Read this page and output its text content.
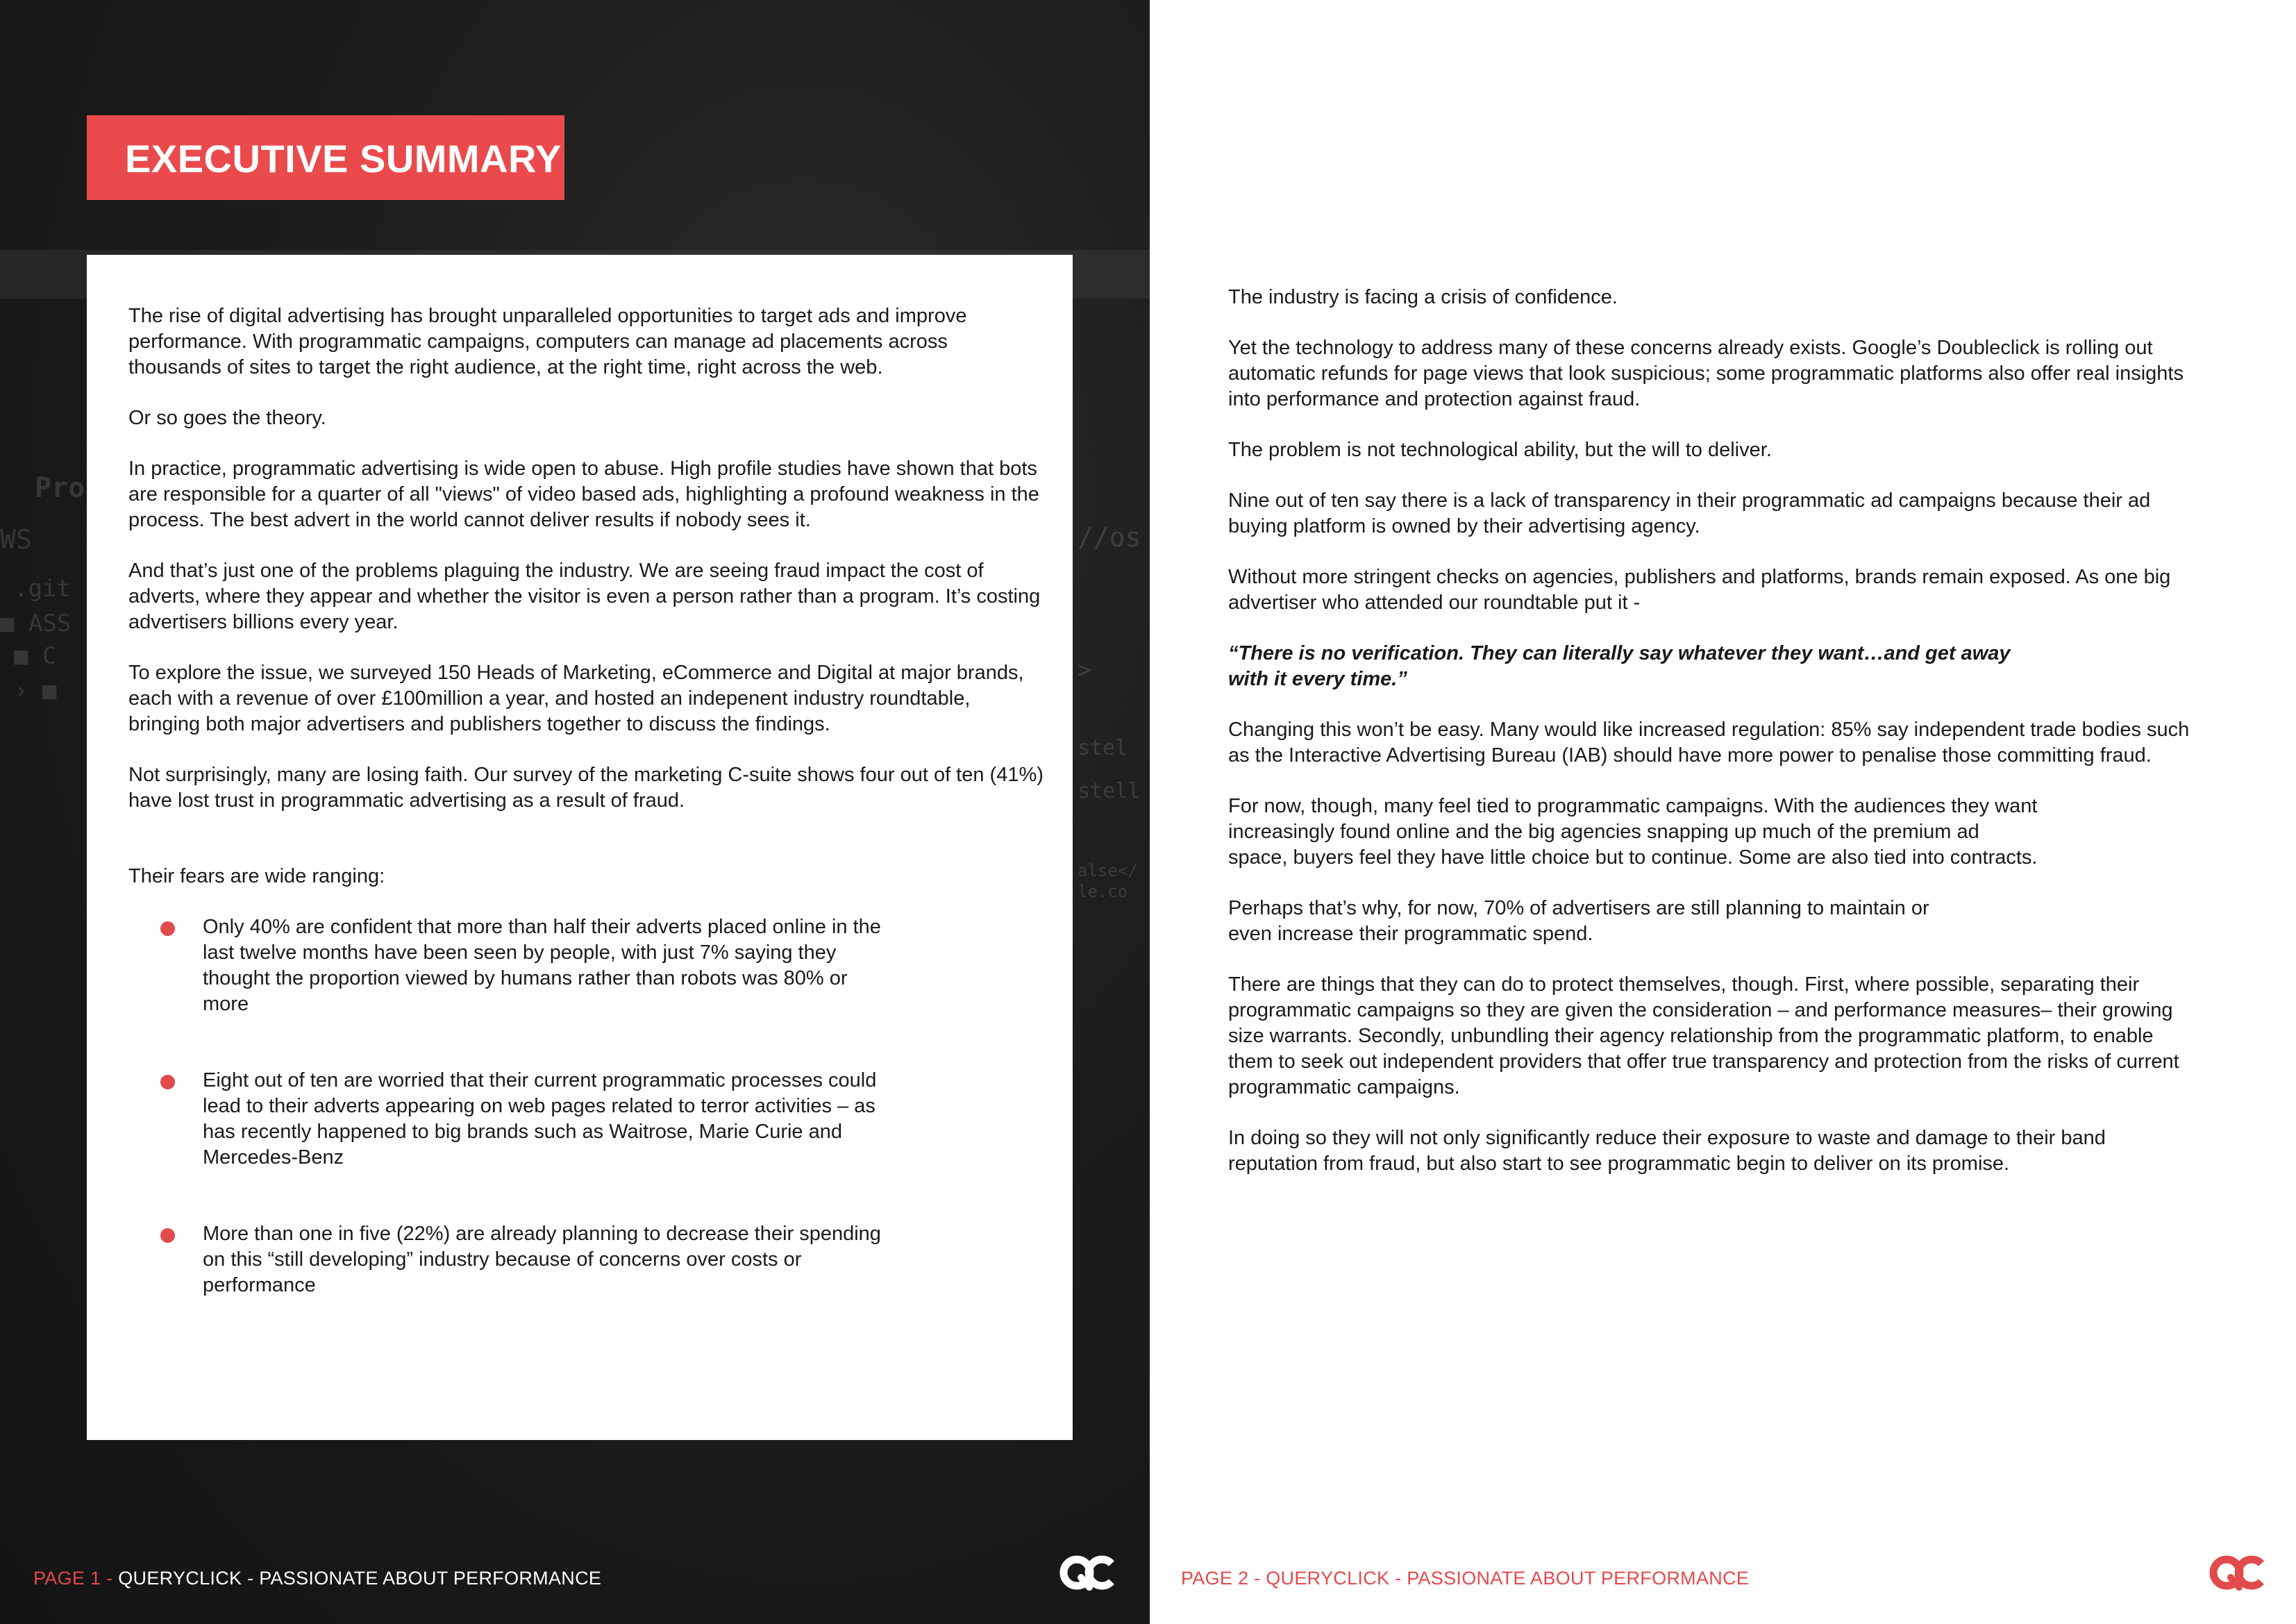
Pro
WS
.git
■ ASS
■ C
› ■
//os
>
stel
stell
alse</
le.co
EXECUTIVE SUMMARY

The rise of digital advertising has brought unparalleled opportunities to target ads and improve performance. With programmatic campaigns, computers can manage ad placements across thousands of sites to target the right audience, at the right time, right across the web.

Or so goes the theory.

In practice, programmatic advertising is wide open to abuse. High profile studies have shown that bots are responsible for a quarter of all "views" of video based ads, highlighting a profound weakness in the process. The best advert in the world cannot deliver results if nobody sees it.

And that’s just one of the problems plaguing the industry. We are seeing fraud impact the cost of adverts, where they appear and whether the visitor is even a person rather than a program. It’s costing advertisers billions every year.

To explore the issue, we surveyed 150 Heads of Marketing, eCommerce and Digital at major brands, each with a revenue of over £100million a year, and hosted an indepenent industry roundtable, bringing both major advertisers and publishers together to discuss the findings.

Not surprisingly, many are losing faith. Our survey of the marketing C-suite shows four out of ten (41%) have lost trust in programmatic advertising as a result of fraud.

Their fears are wide ranging:

Only 40% are confident that more than half their adverts placed online in the last twelve months have been seen by people, with just 7% saying they thought the proportion viewed by humans rather than robots was 80% or more
Eight out of ten are worried that their current programmatic processes could lead to their adverts appearing on web pages related to terror activities – as has recently happened to big brands such as Waitrose, Marie Curie and Mercedes-Benz
More than one in five (22%) are already planning to decrease their spending on this “still developing” industry because of concerns over costs or performance
PAGE 1 - QUERYCLICK - PASSIONATE ABOUT PERFORMANCE

The industry is facing a crisis of confidence.

Yet the technology to address many of these concerns already exists. Google’s Doubleclick is rolling out automatic refunds for page views that look suspicious; some programmatic platforms also offer real insights into performance and protection against fraud.

The problem is not technological ability, but the will to deliver.

Nine out of ten say there is a lack of transparency in their programmatic ad campaigns because their ad buying platform is owned by their advertising agency.

Without more stringent checks on agencies, publishers and platforms, brands remain exposed. As one big advertiser who attended our roundtable put it -

“There is no verification. They can literally say whatever they want…and get away with it every time.”

Changing this won’t be easy. Many would like increased regulation: 85% say independent trade bodies such as the Interactive Advertising Bureau (IAB) should have more power to penalise those committing fraud.

For now, though, many feel tied to programmatic campaigns. With the audiences they want increasingly found online and the big agencies snapping up much of the premium ad space, buyers feel they have little choice but to continue. Some are also tied into contracts.

Perhaps that’s why, for now, 70% of advertisers are still planning to maintain or even increase their programmatic spend.

There are things that they can do to protect themselves, though. First, where possible, separating their programmatic campaigns so they are given the consideration – and performance measures– their growing size warrants. Secondly, unbundling their agency relationship from the programmatic platform, to enable them to seek out independent providers that offer true transparency and protection from the risks of current programmatic campaigns.

In doing so they will not only significantly reduce their exposure to waste and damage to their band reputation from fraud, but also start to see programmatic begin to deliver on its promise.

PAGE 2 - QUERYCLICK - PASSIONATE ABOUT PERFORMANCE
